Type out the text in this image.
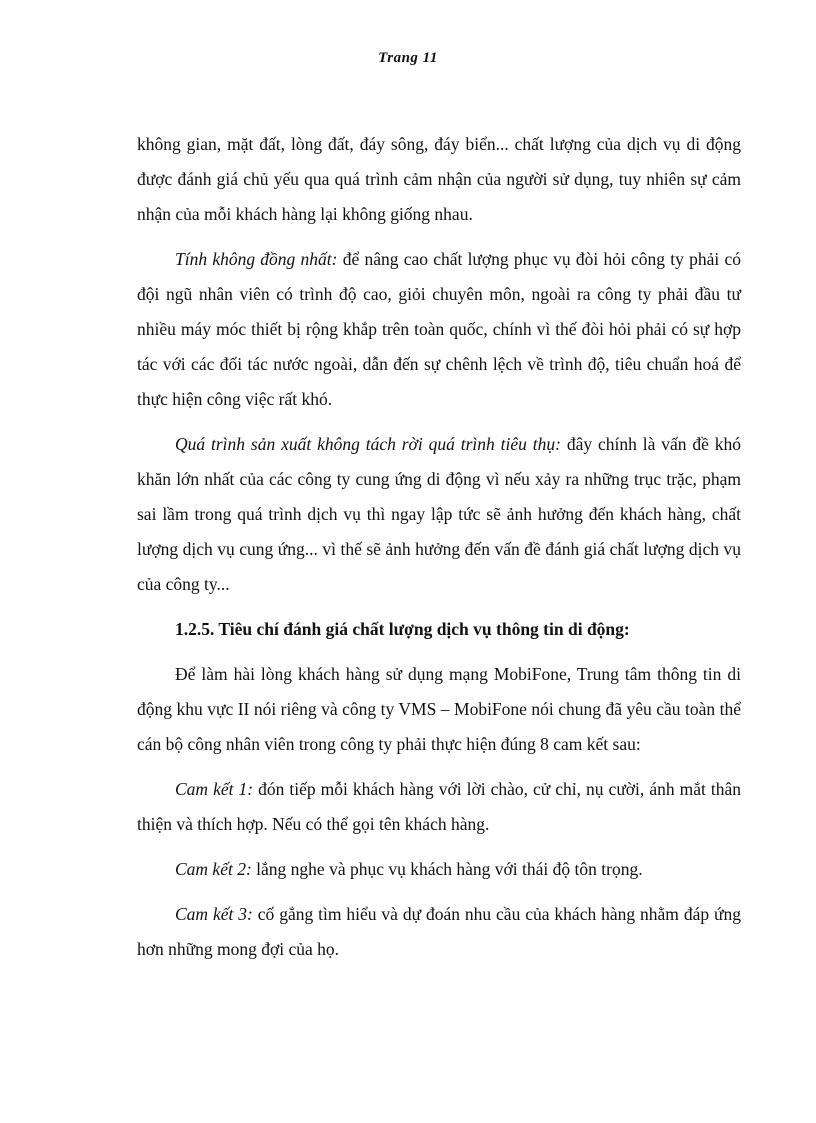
Trang 11

không gian, mặt đất, lòng đất, đáy sông, đáy biển... chất lượng của dịch vụ di động được đánh giá chủ yếu qua quá trình cảm nhận của người sử dụng, tuy nhiên sự cảm nhận của mỗi khách hàng lại không giống nhau.

Tính không đồng nhất: để nâng cao chất lượng phục vụ đòi hỏi công ty phải có đội ngũ nhân viên có trình độ cao, giỏi chuyên môn, ngoài ra công ty phải đầu tư nhiều máy móc thiết bị rộng khắp trên toàn quốc, chính vì thế đòi hỏi phải có sự hợp tác với các đối tác nước ngoài, dẫn đến sự chênh lệch về trình độ, tiêu chuẩn hoá để thực hiện công việc rất khó.

Quá trình sản xuất không tách rời quá trình tiêu thụ: đây chính là vấn đề khó khăn lớn nhất của các công ty cung ứng di động vì nếu xảy ra những trục trặc, phạm sai lầm trong quá trình dịch vụ thì ngay lập tức sẽ ảnh hưởng đến khách hàng, chất lượng dịch vụ cung ứng... vì thế sẽ ảnh hưởng đến vấn đề đánh giá chất lượng dịch vụ của công ty...

1.2.5. Tiêu chí đánh giá chất lượng dịch vụ thông tin di động:

Để làm hài lòng khách hàng sử dụng mạng MobiFone, Trung tâm thông tin di động khu vực II nói riêng và công ty VMS – MobiFone nói chung đã yêu cầu toàn thể cán bộ công nhân viên trong công ty phải thực hiện đúng 8 cam kết sau:

Cam kết 1: đón tiếp mỗi khách hàng với lời chào, cử chỉ, nụ cười, ánh mắt thân thiện và thích hợp. Nếu có thể gọi tên khách hàng.

Cam kết 2: lắng nghe và phục vụ khách hàng với thái độ tôn trọng.

Cam kết 3: cố gắng tìm hiểu và dự đoán nhu cầu của khách hàng nhằm đáp ứng hơn những mong đợi của họ.
